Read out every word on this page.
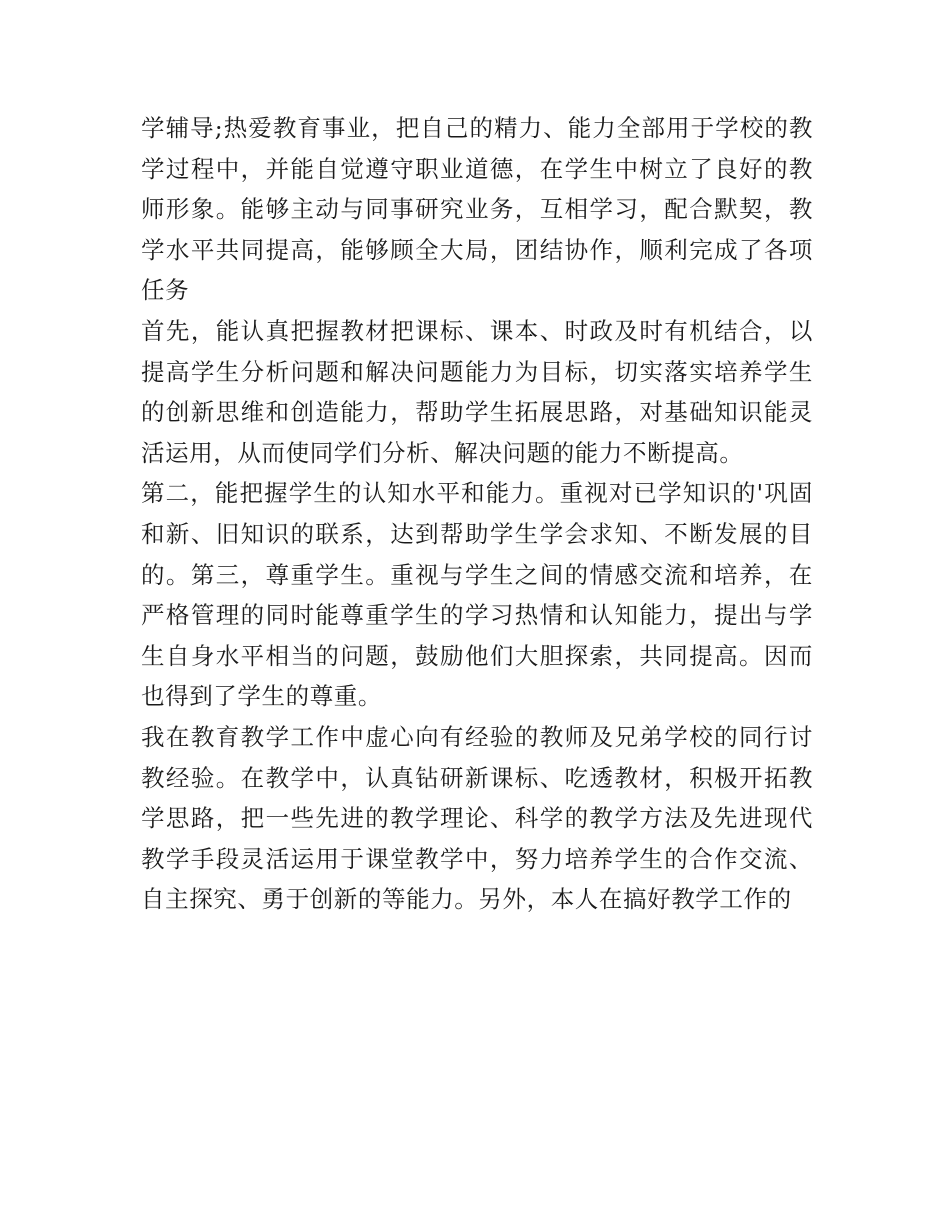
学辅导;热爱教育事业，把自己的精力、能力全部用于学校的教学过程中，并能自觉遵守职业道德，在学生中树立了良好的教师形象。能够主动与同事研究业务，互相学习，配合默契，教学水平共同提高，能够顾全大局，团结协作，顺利完成了各项任务

首先，能认真把握教材把课标、课本、时政及时有机结合，以提高学生分析问题和解决问题能力为目标，切实落实培养学生的创新思维和创造能力，帮助学生拓展思路，对基础知识能灵活运用，从而使同学们分析、解决问题的能力不断提高。

第二，能把握学生的认知水平和能力。重视对已学知识的'巩固和新、旧知识的联系，达到帮助学生学会求知、不断发展的目的。第三，尊重学生。重视与学生之间的情感交流和培养，在严格管理的同时能尊重学生的学习热情和认知能力，提出与学生自身水平相当的问题，鼓励他们大胆探索，共同提高。因而也得到了学生的尊重。

我在教育教学工作中虚心向有经验的教师及兄弟学校的同行讨教经验。在教学中，认真钻研新课标、吃透教材，积极开拓教学思路，把一些先进的教学理论、科学的教学方法及先进现代教学手段灵活运用于课堂教学中，努力培养学生的合作交流、自主探究、勇于创新的等能力。另外，本人在搞好教学工作的
